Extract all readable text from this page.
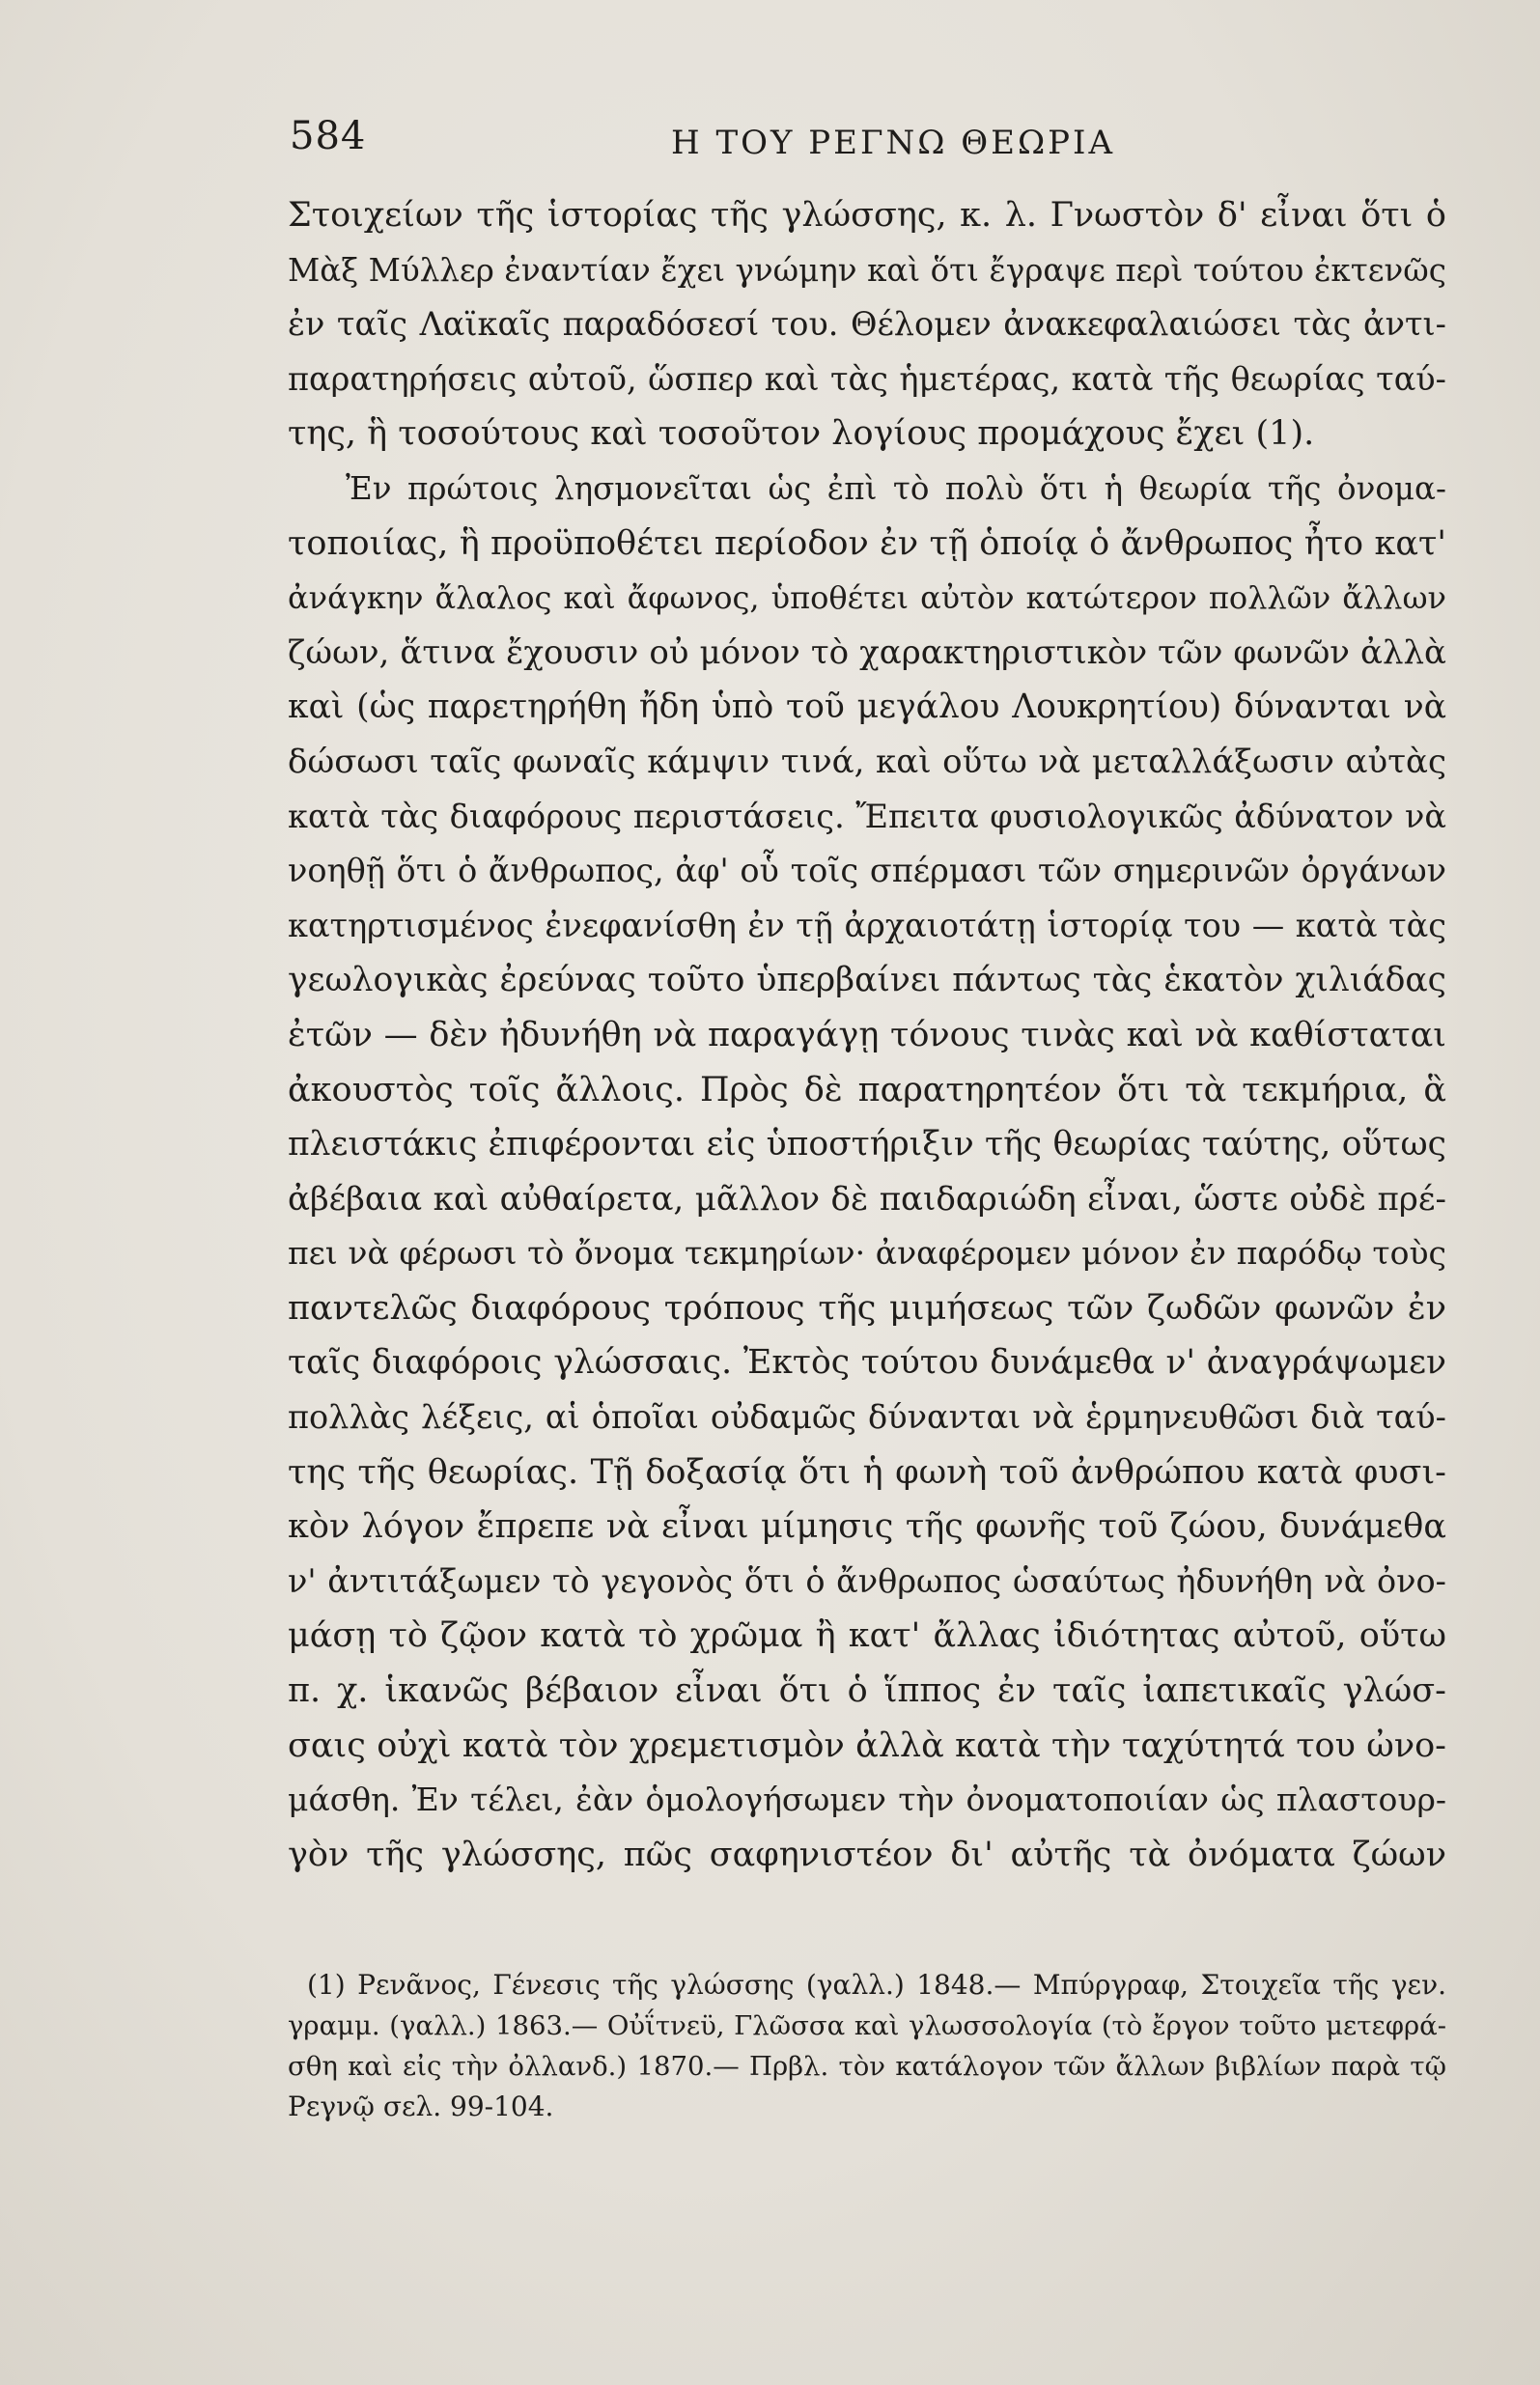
584	Η ΤΟΥ ΡΕΓΝΩ ΘΕΩΡΙΑ
Στοιχείων τῆς ἱστορίας τῆς γλώσσης, κ. λ. Γνωστὸν δ' εἶναι ὅτι ὁ
Μὰξ Μύλλερ ἐναντίαν ἔχει γνώμην καὶ ὅτι ἔγραψε περὶ τούτου ἐκτενῶς
ἐν ταῖς Λαϊκαῖς παραδόσεσί του. Θέλομεν ἀνακεφαλαιώσει τὰς ἀντι-
παρατηρήσεις αὐτοῦ, ὥσπερ καὶ τὰς ἡμετέρας, κατὰ τῆς θεωρίας ταύ-
της, ἣ τοσούτους καὶ τοσοῦτον λογίους προμάχους ἔχει (1).
Ἐν πρώτοις λησμονεῖται ὡς ἐπὶ τὸ πολὺ ὅτι ἡ θεωρία τῆς ὀνομα-
τοποιίας, ἣ προϋποθέτει περίοδον ἐν τῇ ὁποίᾳ ὁ ἄνθρωπος ἦτο κατ'
ἀνάγκην ἄλαλος καὶ ἄφωνος, ὑποθέτει αὐτὸν κατώτερον πολλῶν ἄλλων
ζώων, ἅτινα ἔχουσιν οὐ μόνον τὸ χαρακτηριστικὸν τῶν φωνῶν ἀλλὰ
καὶ (ὡς παρετηρήθη ἤδη ὑπὸ τοῦ μεγάλου Λουκρητίου) δύνανται νὰ
δώσωσι ταῖς φωναῖς κάμψιν τινά, καὶ οὕτω νὰ μεταλλάξωσιν αὐτὰς
κατὰ τὰς διαφόρους περιστάσεις. Ἔπειτα φυσιολογικῶς ἀδύνατον νὰ
νοηθῇ ὅτι ὁ ἄνθρωπος, ἀφ' οὗ τοῖς σπέρμασι τῶν σημερινῶν ὀργάνων
κατηρτισμένος ἐνεφανίσθη ἐν τῇ ἀρχαιοτάτῃ ἱστορίᾳ του — κατὰ τὰς
γεωλογικὰς ἐρεύνας τοῦτο ὑπερβαίνει πάντως τὰς ἑκατὸν χιλιάδας
ἐτῶν — δὲν ἠδυνήθη νὰ παραγάγῃ τόνους τινὰς καὶ νὰ καθίσταται
ἀκουστὸς τοῖς ἄλλοις. Πρὸς δὲ παρατηρητέον ὅτι τὰ τεκμήρια, ἃ
πλειστάκις ἐπιφέρονται εἰς ὑποστήριξιν τῆς θεωρίας ταύτης, οὕτως
ἀβέβαια καὶ αὐθαίρετα, μᾶλλον δὲ παιδαριώδη εἶναι, ὥστε οὐδὲ πρέ-
πει νὰ φέρωσι τὸ ὄνομα τεκμηρίων· ἀναφέρομεν μόνον ἐν παρόδῳ τοὺς
παντελῶς διαφόρους τρόπους τῆς μιμήσεως τῶν ζωδῶν φωνῶν ἐν
ταῖς διαφόροις γλώσσαις. Ἐκτὸς τούτου δυνάμεθα ν' ἀναγράψωμεν
πολλὰς λέξεις, αἱ ὁποῖαι οὐδαμῶς δύνανται νὰ ἑρμηνευθῶσι διὰ ταύ-
της τῆς θεωρίας. Τῇ δοξασίᾳ ὅτι ἡ φωνὴ τοῦ ἀνθρώπου κατὰ φυσι-
κὸν λόγον ἔπρεπε νὰ εἶναι μίμησις τῆς φωνῆς τοῦ ζώου, δυνάμεθα
ν' ἀντιτάξωμεν τὸ γεγονὸς ὅτι ὁ ἄνθρωπος ὡσαύτως ἠδυνήθη νὰ ὀνο-
μάσῃ τὸ ζῷον κατὰ τὸ χρῶμα ἢ κατ' ἄλλας ἰδιότητας αὐτοῦ, οὕτω
π. χ. ἱκανῶς βέβαιον εἶναι ὅτι ὁ ἵππος ἐν ταῖς ἰαπετικαῖς γλώσ-
σαις οὐχὶ κατὰ τὸν χρεμετισμὸν ἀλλὰ κατὰ τὴν ταχύτητά του ὠνο-
μάσθη. Ἐν τέλει, ἐὰν ὁμολογήσωμεν τὴν ὀνοματοποιίαν ὡς πλαστουρ-
γὸν τῆς γλώσσης, πῶς σαφηνιστέον δι' αὐτῆς τὰ ὀνόματα ζώων
(1) Ρενᾶνος, Γένεσις τῆς γλώσσης (γαλλ.) 1848.— Μπύργραφ, Στοιχεῖα τῆς γεν.
γραμμ. (γαλλ.) 1863.— Οὐΐτνεϋ, Γλῶσσα καὶ γλωσσολογία (τὸ ἔργον τοῦτο μετεφρά-
σθη καὶ εἰς τὴν ὀλλανδ.) 1870.— Πρβλ. τὸν κατάλογον τῶν ἄλλων βιβλίων παρὰ τῷ
Ρεγνῷ σελ. 99-104.
